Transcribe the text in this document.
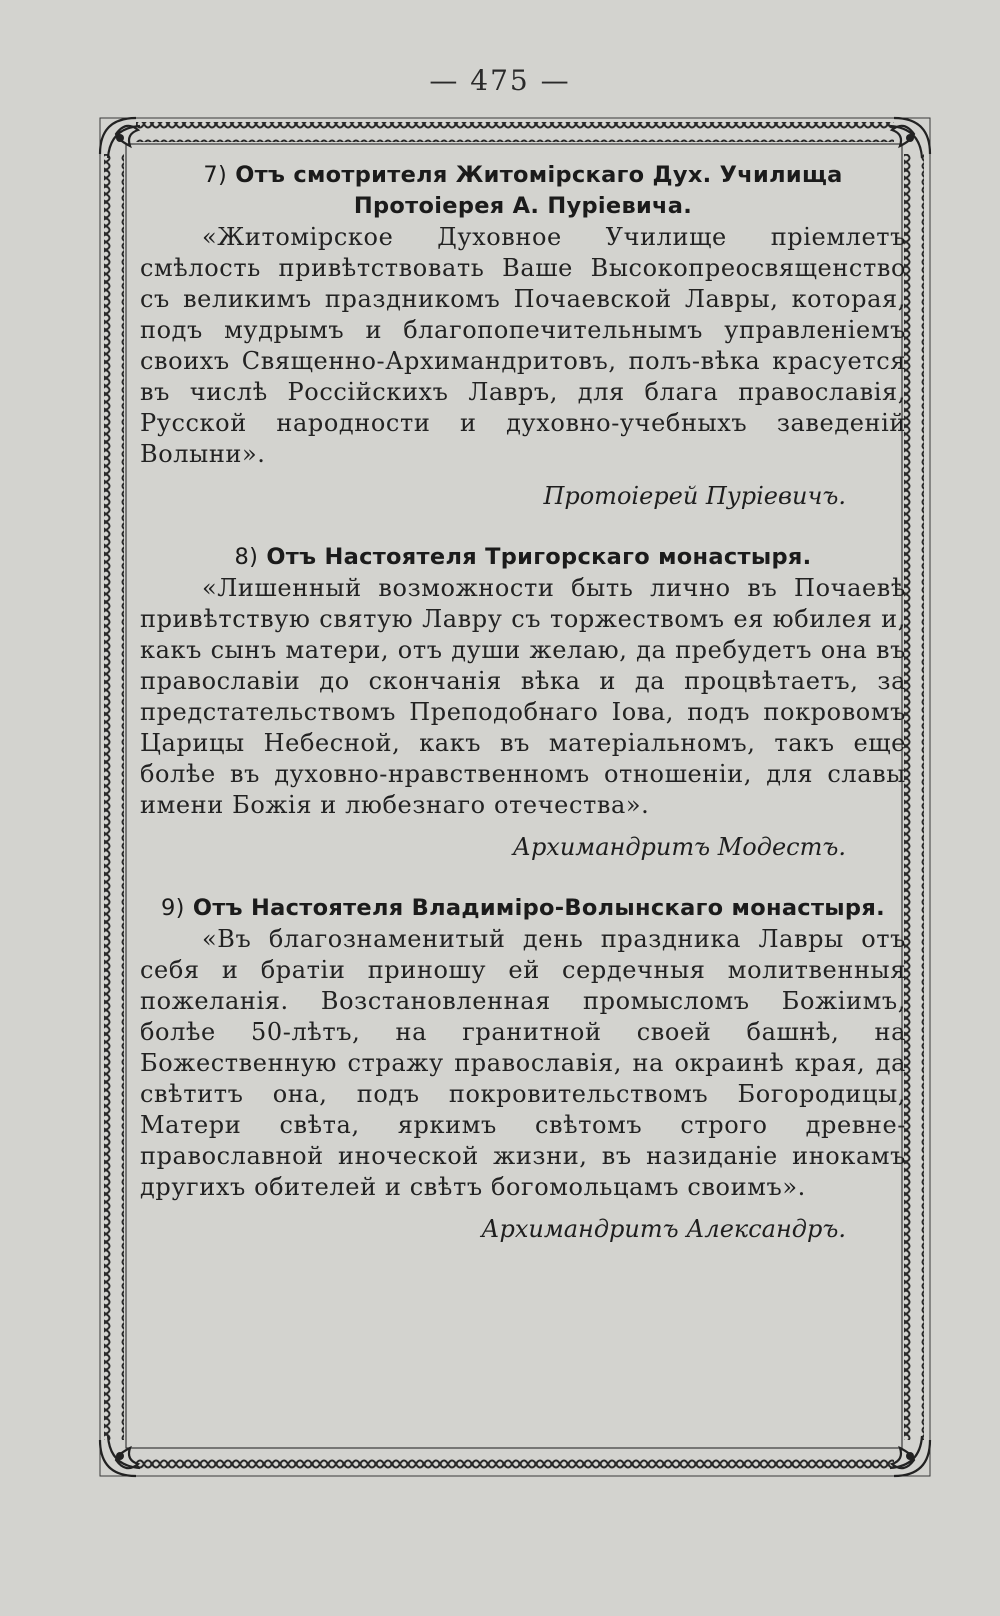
— 475 —
7) Отъ смотрителя Житомірскаго Дух. Училища Протоіерея А. Пуріевича.

«Житомірское Духовное Училище пріемлетъ смѣлость привѣтствовать Ваше Высокопреосвященство съ великимъ праздникомъ Почаевской Лавры, которая, подъ мудрымъ и благопопечительнымъ управленіемъ своихъ Священно-Архимандритовъ, полъ-вѣка красуется въ числѣ Россійскихъ Лавръ, для блага православія, Русской народности и духовно-учебныхъ заведеній Волыни».

Протоіерей Пуріевичъ.
8) Отъ Настоятеля Тригорскаго монастыря.

«Лишенный возможности быть лично въ Почаевѣ привѣтствую святую Лавру съ торжествомъ ея юбилея и, какъ сынъ матери, отъ души желаю, да пребудетъ она въ православіи до скончанія вѣка и да процвѣтаетъ, за предстательствомъ Преподобнаго Іова, подъ покровомъ Царицы Небесной, какъ въ матеріальномъ, такъ еще болѣе въ духовно-нравственномъ отношеніи, для славы имени Божія и любезнаго отечества».

Архимандритъ Модестъ.
9) Отъ Настоятеля Владиміро-Волынскаго монастыря.

«Въ благознаменитый день праздника Лавры отъ себя и братіи приношу ей сердечныя молитвенныя пожеланія. Возстановленная промысломъ Божіимъ, болѣе 50-лѣтъ, на гранитной своей башнѣ, на Божественную стражу православія, на окраинѣ края, да свѣтитъ она, подъ покровительствомъ Богородицы, Матери свѣта, яркимъ свѣтомъ строго древне-православной иноческой жизни, въ назиданіе инокамъ другихъ обителей и свѣтъ богомольцамъ своимъ».

Архимандритъ Александръ.
